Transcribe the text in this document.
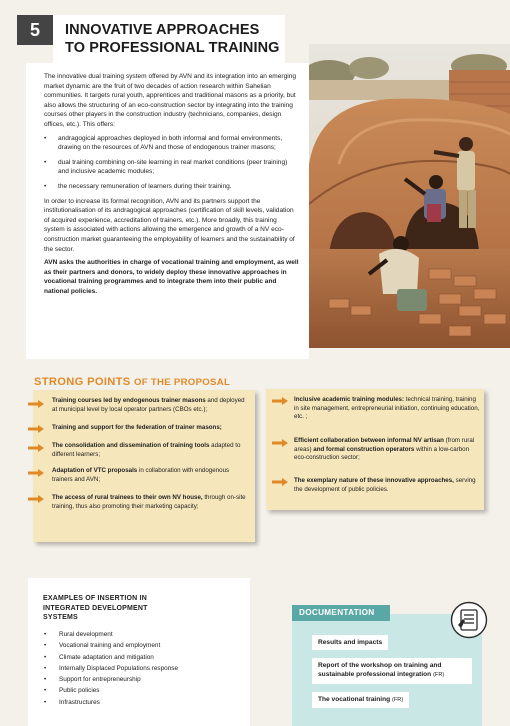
5	INNOVATIVE APPROACHES
TO PROFESSIONAL TRAINING

The innovative dual training system offered by AVN and its integration into an emerging market dynamic are the fruit of two decades of action research within Sahelian communities. It targets rural youth, apprentices and traditional masons as a priority, but also allows the structuring of an eco-construction sector by integrating into the training courses other players in the construction industry (technicians, companies, design offices, etc.). This offers:

• andragogical approaches deployed in both informal and formal environments, drawing on the resources of AVN and those of endogenous trainer masons;
• dual training combining on-site learning in real market conditions (peer training) and inclusive academic modules;
• the necessary remuneration of learners during their training.

In order to increase its formal recognition, AVN and its partners support the institutionalisation of its andragogical approaches (certification of skill levels, validation of acquired experience, accreditation of trainers, etc.). More broadly, this training system is associated with actions allowing the emergence and growth of a NV eco-construction market guaranteeing the employability of learners and the sustainability of the sector.

AVN asks the authorities in charge of vocational training and employment, as well as their partners and donors, to widely deploy these innovative approaches in vocational training programmes and to integrate them into their public and national policies.

STRONG POINTS OF THE PROPOSAL
Training courses led by endogenous trainer masons and deployed at municipal level by local operator partners (CBOs etc.);
Training and support for the federation of trainer masons;
The consolidation and dissemination of training tools adapted to different learners;
Adaptation of VTC proposals in collaboration with endogenous trainers and AVN;
The access of rural trainees to their own NV house, through on-site training, thus also promoting their marketing capacity;
Inclusive academic training modules: technical training, training in site management, entrepreneurial initiation, continuing education, etc. ;
Efficient collaboration between informal NV artisan (from rural areas) and formal construction operators within a low-carbon eco-construction sector;
The exemplary nature of these innovative approaches, serving the development of public policies.
EXAMPLES OF INSERTION IN
INTEGRATED DEVELOPMENT
SYSTEMS
• Rural development
• Vocational training and employment
• Climate adaptation and mitigation
• Internally Displaced Populations response
• Support for entrepreneurship
• Public policies
• Infrastructures
DOCUMENTATION
Results and impacts
Report of the workshop on training and sustainable professional integration (FR)
The vocational training (FR)
